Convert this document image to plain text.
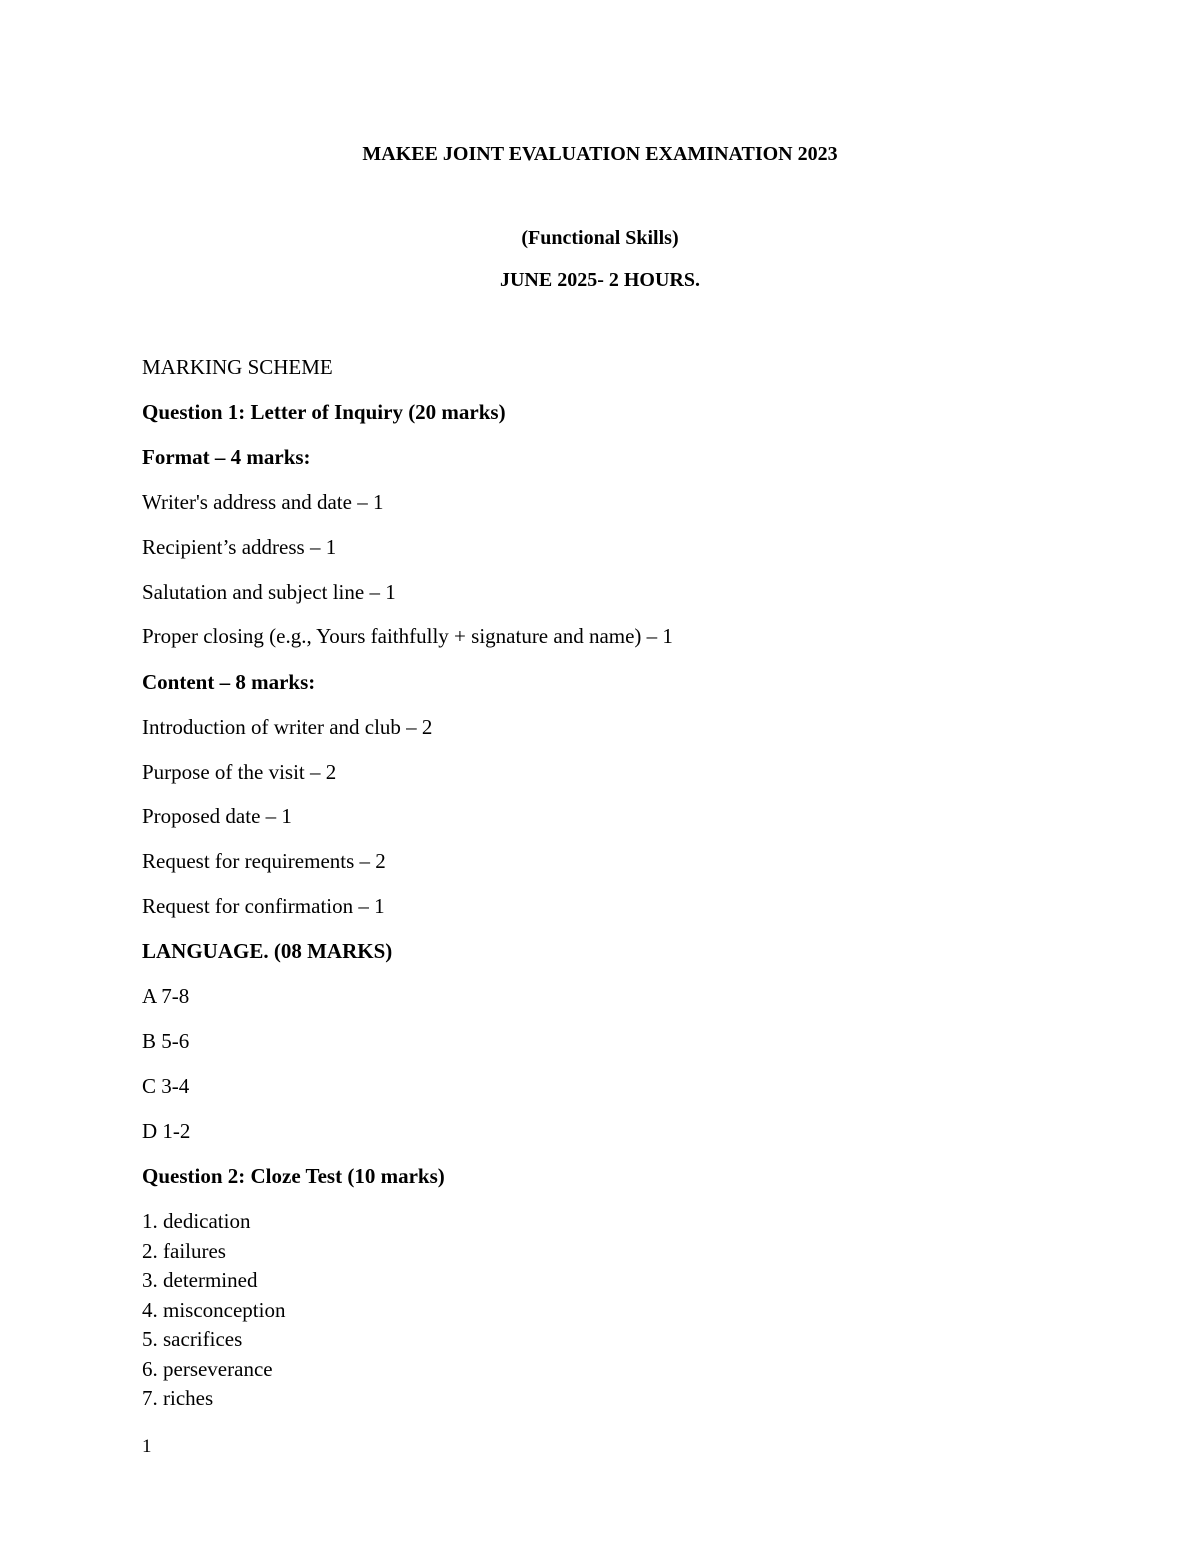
MAKEE JOINT EVALUATION EXAMINATION 2023
(Functional Skills)
JUNE 2025- 2 HOURS.
MARKING SCHEME
Question 1: Letter of Inquiry (20 marks)
Format – 4 marks:
Writer's address and date – 1
Recipient’s address – 1
Salutation and subject line – 1
Proper closing (e.g., Yours faithfully + signature and name) – 1
Content – 8 marks:
Introduction of writer and club – 2
Purpose of the visit – 2
Proposed date – 1
Request for requirements – 2
Request for confirmation – 1
LANGUAGE. (08 MARKS)
A 7-8
B 5-6
C 3-4
D 1-2
Question 2: Cloze Test (10 marks)
1. dedication
2. failures
3. determined
4. misconception
5. sacrifices
6. perseverance
7. riches
1
